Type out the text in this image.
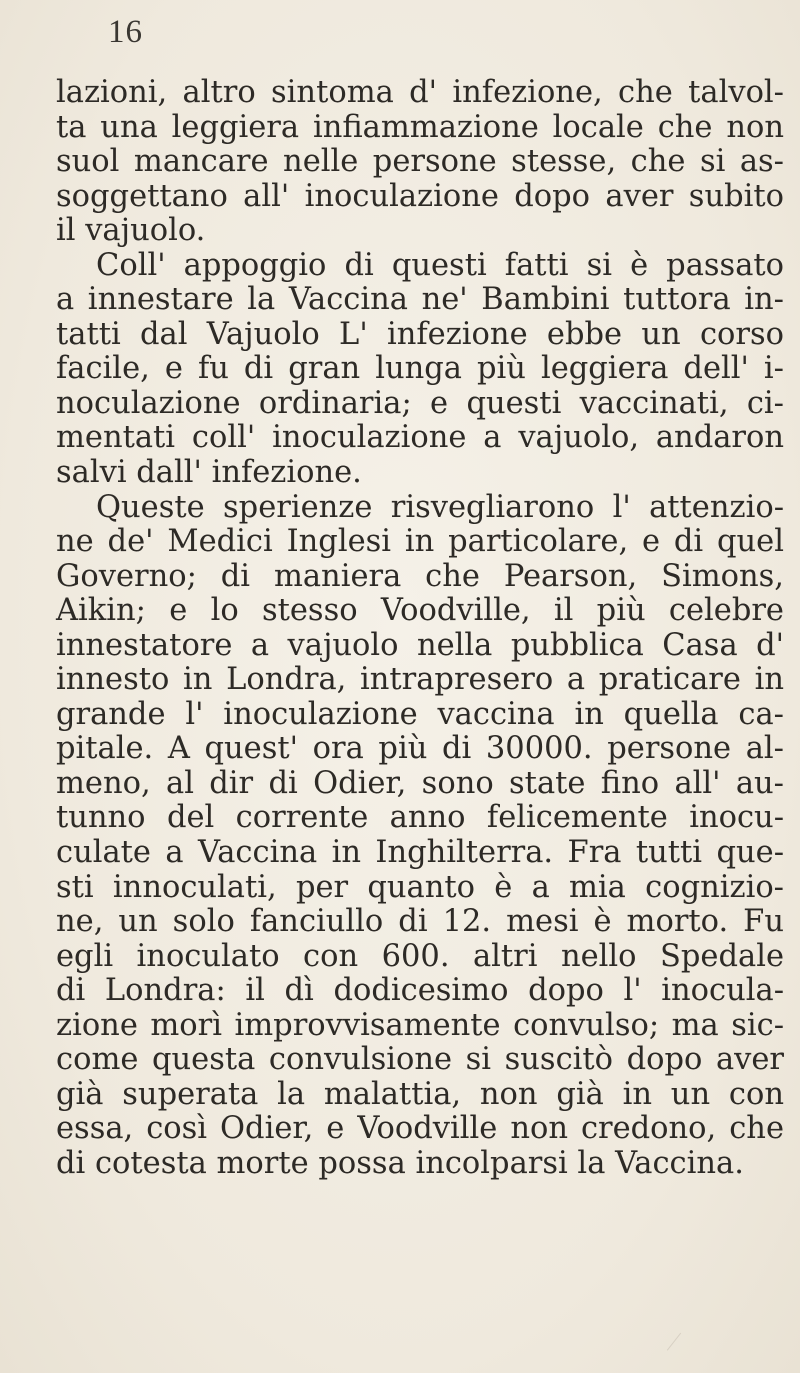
16
lazioni, altro sintoma d' infezione, che talvol-
ta una leggiera infiammazione locale che non
suol mancare nelle persone stesse, che si as-
soggettano all' inoculazione dopo aver subito
il vajuolo.
Coll' appoggio di questi fatti si è passato
a innestare la Vaccina ne' Bambini tuttora in-
tatti dal Vajuolo L' infezione ebbe un corso
facile, e fu di gran lunga più leggiera dell' i-
noculazione ordinaria; e questi vaccinati, ci-
mentati coll' inoculazione a vajuolo, andaron
salvi dall' infezione.
Queste sperienze risvegliarono l' attenzio-
ne de' Medici Inglesi in particolare, e di quel
Governo; di maniera che Pearson, Simons,
Aikin; e lo stesso Voodville, il più celebre
innestatore a vajuolo nella pubblica Casa d'
innesto in Londra, intrapresero a praticare in
grande l' inoculazione vaccina in quella ca-
pitale. A quest' ora più di 30000. persone al-
meno, al dir di Odier, sono state fino all' au-
tunno del corrente anno felicemente inocu-
culate a Vaccina in Inghilterra. Fra tutti que-
sti innoculati, per quanto è a mia cognizio-
ne, un solo fanciullo di 12. mesi è morto. Fu
egli inoculato con 600. altri nello Spedale
di Londra: il dì dodicesimo dopo l' inocula-
zione morì improvvisamente convulso; ma sic-
come questa convulsione si suscitò dopo aver
già superata la malattia, non già in un con
essa, così Odier, e Voodville non credono, che
di cotesta morte possa incolparsi la Vaccina.
